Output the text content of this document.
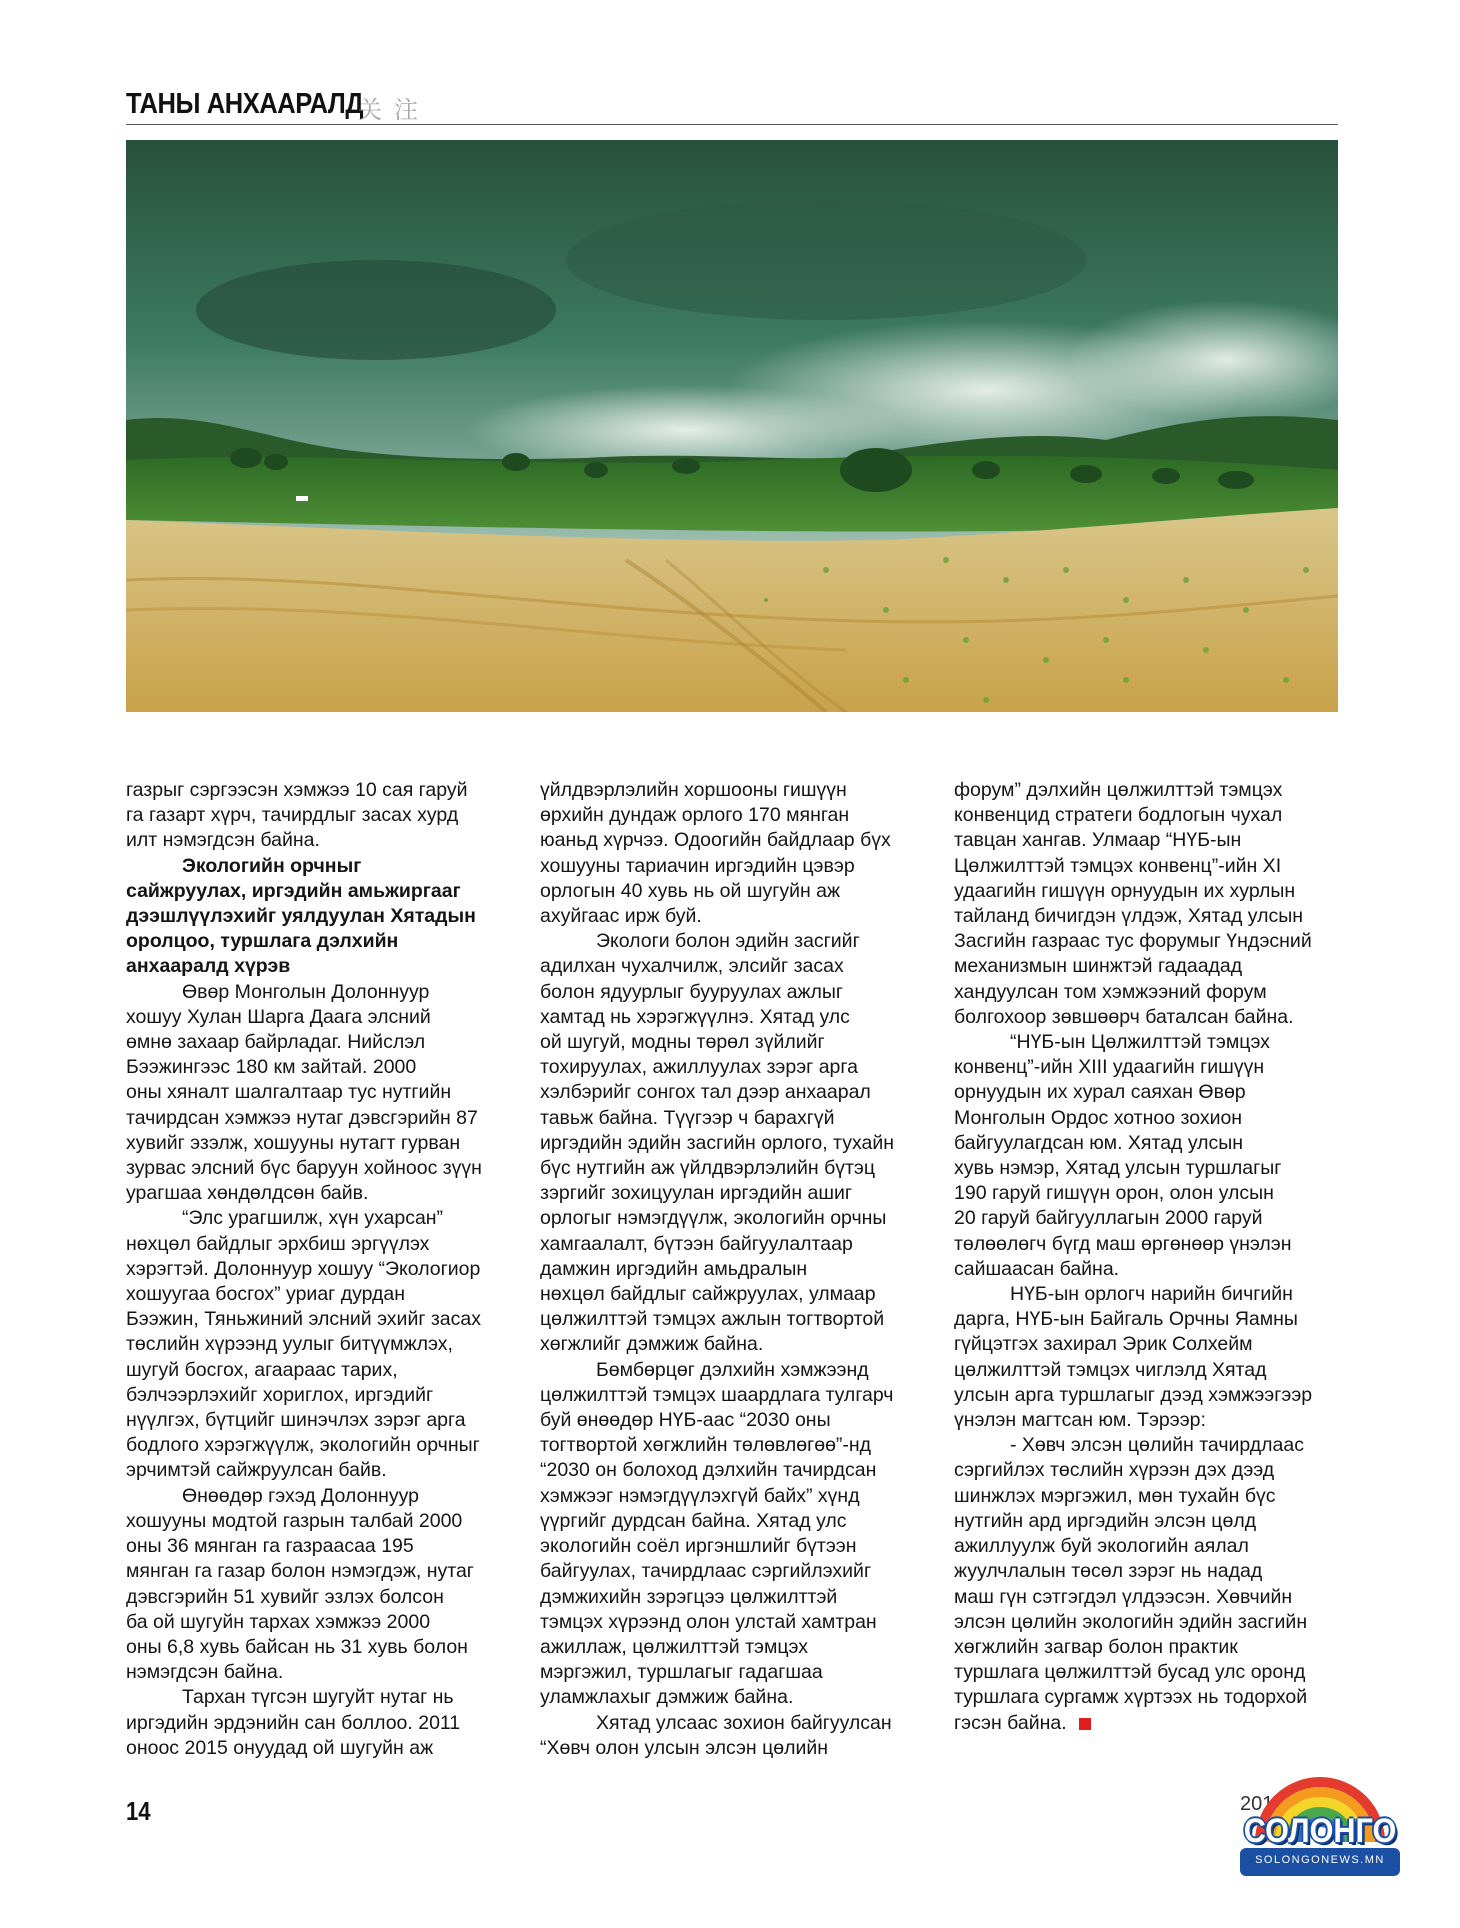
ТАНЫ АНХААРАЛД
关注

газрыг сэргээсэн хэмжээ 10 сая гаруй
га газарт хүрч, тачирдлыг засах хурд
илт нэмэгдсэн байна.

Экологийн орчныг
сайжруулах, иргэдийн амьжиргааг
дээшлүүлэхийг уялдуулан Хятадын
оролцоо, туршлага дэлхийн
анхааралд хүрэв

Өвөр Монголын Долоннуур
хошуу Хулан Шарга Даага элсний
өмнө захаар байрладаг. Нийслэл
Бээжингээс 180 км зайтай. 2000
оны хяналт шалгалтаар тус нутгийн
тачирдсан хэмжээ нутаг дэвсгэрийн 87
хувийг эзэлж, хошууны нутагт гурван
зурвас элсний бүс баруун хойноос зүүн
урагшаа хөндөлдсөн байв.

“Элс урагшилж, хүн ухарсан”
нөхцөл байдлыг эрхбиш эргүүлэх
хэрэгтэй. Долоннуур хошуу “Экологиор
хошуугаа босгох” уриаг дурдан
Бээжин, Тяньжиний элсний эхийг засах
төслийн хүрээнд уулыг битүүмжлэх,
шугуй босгох, агаараас тарих,
бэлчээрлэхийг хориглох, иргэдийг
нүүлгэх, бүтцийг шинэчлэх зэрэг арга
бодлого хэрэгжүүлж, экологийн орчныг
эрчимтэй сайжруулсан байв.

Өнөөдөр гэхэд Долоннуур
хошууны модтой газрын талбай 2000
оны 36 мянган га газраасаа 195
мянган га газар болон нэмэгдэж, нутаг
дэвсгэрийн 51 хувийг эзлэх болсон
ба ой шугуйн тархах хэмжээ 2000
оны 6,8 хувь байсан нь 31 хувь болон
нэмэгдсэн байна.

Тархан түгсэн шугуйт нутаг нь
иргэдийн эрдэнийн сан боллоо. 2011
оноос 2015 онуудад ой шугуйн аж

үйлдвэрлэлийн хоршооны гишүүн
өрхийн дундаж орлого 170 мянган
юаньд хүрчээ. Одоогийн байдлаар бүх
хошууны тариачин иргэдийн цэвэр
орлогын 40 хувь нь ой шугуйн аж
ахуйгаас ирж буй.

Экологи болон эдийн засгийг
адилхан чухалчилж, элсийг засах
болон ядуурлыг бууруулах ажлыг
хамтад нь хэрэгжүүлнэ. Хятад улс
ой шугуй, модны төрөл зүйлийг
тохируулах, ажиллуулах зэрэг арга
хэлбэрийг сонгох тал дээр анхаарал
тавьж байна. Түүгээр ч барахгүй
иргэдийн эдийн засгийн орлого, тухайн
бүс нутгийн аж үйлдвэрлэлийн бүтэц
зэргийг зохицуулан иргэдийн ашиг
орлогыг нэмэгдүүлж, экологийн орчны
хамгаалалт, бүтээн байгуулалтаар
дамжин иргэдийн амьдралын
нөхцөл байдлыг сайжруулах, улмаар
цөлжилттэй тэмцэх ажлын тогтвортой
хөгжлийг дэмжиж байна.

Бөмбөрцөг дэлхийн хэмжээнд
цөлжилттэй тэмцэх шаардлага тулгарч
буй өнөөдөр НҮБ-аас “2030 оны
тогтвортой хөгжлийн төлөвлөгөө”-нд
“2030 он болоход дэлхийн тачирдсан
хэмжээг нэмэгдүүлэхгүй байх” хүнд
үүргийг дурдсан байна. Хятад улс
экологийн соёл иргэншлийг бүтээн
байгуулах, тачирдлаас сэргийлэхийг
дэмжихийн зэрэгцээ цөлжилттэй
тэмцэх хүрээнд олон улстай хамтран
ажиллаж, цөлжилттэй тэмцэх
мэргэжил, туршлагыг гадагшаа
уламжлахыг дэмжиж байна.

Хятад улсаас зохион байгуулсан
“Хөвч олон улсын элсэн цөлийн

форум” дэлхийн цөлжилттэй тэмцэх
конвенцид стратеги бодлогын чухал
тавцан хангав. Улмаар “НҮБ-ын
Цөлжилттэй тэмцэх конвенц”-ийн XI
удаагийн гишүүн орнуудын их хурлын
тайланд бичигдэн үлдэж, Хятад улсын
Засгийн газраас тус форумыг Үндэсний
механизмын шинжтэй гадаадад
хандуулсан том хэмжээний форум
болгохоор зөвшөөрч баталсан байна.

“НҮБ-ын Цөлжилттэй тэмцэх
конвенц”-ийн XIII удаагийн гишүүн
орнуудын их хурал саяхан Өвөр
Монголын Ордос хотноо зохион
байгуулагдсан юм. Хятад улсын
хувь нэмэр, Хятад улсын туршлагыг
190 гаруй гишүүн орон, олон улсын
20 гаруй байгууллагын 2000 гаруй
төлөөлөгч бүгд маш өргөнөөр үнэлэн
сайшаасан байна.

НҮБ-ын орлогч нарийн бичгийн
дарга, НҮБ-ын Байгаль Орчны Яамны
гүйцэтгэх захирал Эрик Солхейм
цөлжилттэй тэмцэх чиглэлд Хятад
улсын арга туршлагыг дээд хэмжээгээр
үнэлэн магтсан юм. Тэрээр:

- Хөвч элсэн цөлийн тачирдлаас
сэргийлэх төслийн хүрээн дэх дээд
шинжлэх мэргэжил, мөн тухайн бүс
нутгийн ард иргэдийн элсэн цөлд
ажиллуулж буй экологийн аялал
жуулчлалын төсөл зэрэг нь надад
маш гүн сэтгэгдэл үлдээсэн. Хөвчийн
элсэн цөлийн экологийн эдийн засгийн
хөгжлийн загвар болон практик
туршлага цөлжилттэй бусад улс оронд
туршлага сургамж хүртээх нь тодорхой
гэсэн байна.

14	2017/279
СОЛОНГО
SOLONGONEWS.MN
